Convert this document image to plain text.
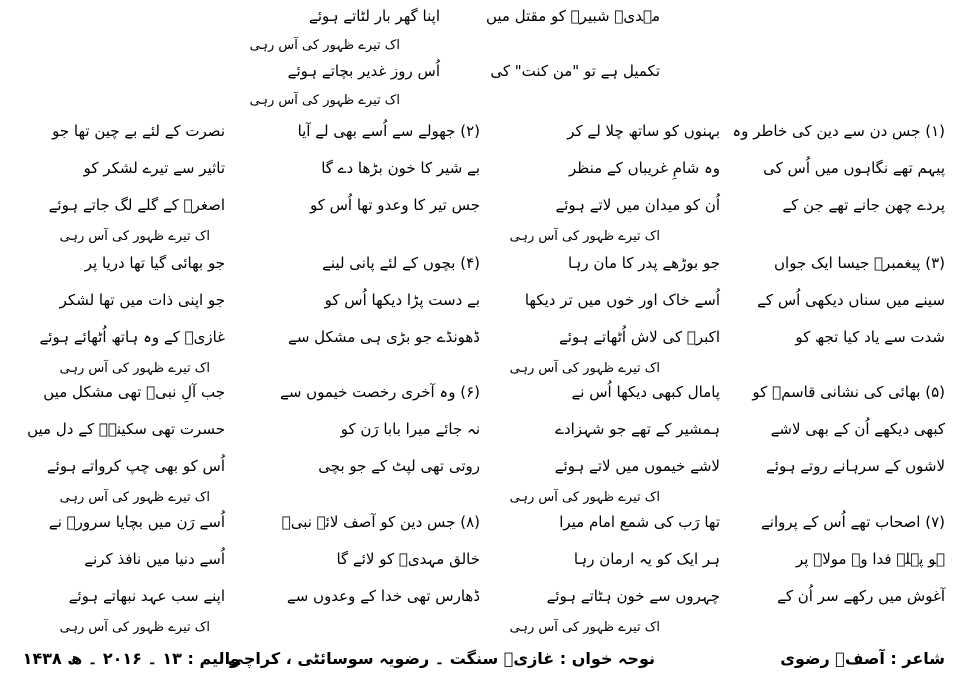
مہدیؑ شبیرؑ کو مقتل میں
تکمیل ہے تو "من کنت" کی
اپنا گھر بار لٹاتے ہوئے
اک تیرے ظہور کی آس رہی
اُس روز غدیر بچاتے ہوئے
اک تیرے ظہور کی آس رہی
(۱) جس دن سے دین کی خاطر وہ
پیہم تھے نگاہوں میں اُس کی
پردے چھن جانے تھے جن کے
بہنوں کو ساتھ چلا لے کر
وہ شامِ غریباں کے منظر
اُن کو میدان میں لاتے ہوئے
(۲) جھولے سے اُسے بھی لے آیا
بے شیر کا خون بڑھا دے گا
جس تیر کا وعدو تھا اُس کو
نصرت کے لئے بے چین تھا جو
تاثیر سے تیرے لشکر کو
اصغرؑ کے گلے لگ جاتے ہوئے
اک تیرے ظہور کی آس رہی
اک تیرے ظہور کی آس رہی
(۳) پیغمبرؐ جیسا ایک جواں
سینے میں سناں دیکھی اُس کے
شدت سے یاد کیا تجھ کو
جو بوڑھے پدر کا مان رہا
اُسے خاک اور خوں میں تر دیکھا
اکبرؑ کی لاش اُٹھاتے ہوئے
(۴) بچوں کے لئے پانی لینے
بے دست پڑا دیکھا اُس کو
ڈھونڈے جو بڑی ہی مشکل سے
جو بھائی گیا تھا دریا پر
جو اپنی ذات میں تھا لشکر
غازیؑ کے وہ ہاتھ اُٹھائے ہوئے
اک تیرے ظہور کی آس رہی
اک تیرے ظہور کی آس رہی
(۵) بھائی کی نشانی قاسمؑ کو
کبھی دیکھے اُن کے بھی لاشے
لاشوں کے سرہانے روتے ہوئے
پامال کبھی دیکھا اُس نے
ہمشیر کے تھے جو شہزادے
لاشے خیموں میں لاتے ہوئے
(۶) وہ آخری رخصت خیموں سے
نہ جائے میرا بابا رَن کو
روتی تھی لپٹ کے جو بچی
جب آلِ نبیؐ تھی مشکل میں
حسرت تھی سکینہؑ کے دل میں
اُس کو بھی چپ کرواتے ہوئے
اک تیرے ظہور کی آس رہی
اک تیرے ظہور کی آس رہی
(۷) اصحاب تھے اُس کے پروانے
ہو پہلے فدا وہ مولاؑ پر
آغوش میں رکھے سر اُن کے
تھا رَب کی شمع امام میرا
ہر ایک کو یہ ارمان رہا
چہروں سے خون ہٹاتے ہوئے
(۸) جس دین کو آصف لائے نبیؐ
خالق مہدیؑ کو لائے گا
ڈھارس تھی خدا کے وعدوں سے
اُسے رَن میں بچایا سرورؑ نے
اُسے دنیا میں نافذ کرنے
اپنے سب عہد نبھاتے ہوئے
اک تیرے ظہور کی آس رہی
اک تیرے ظہور کی آس رہی
شاعر : آصفؔ رضوی
نوحہ خواں : غازیؑ سنگت ۔ رضویہ سوسائٹی ، کراچی
والیم : ۱۳ ۔ ۲۰۱۶ ۔ ھ ۱۴۳۸
